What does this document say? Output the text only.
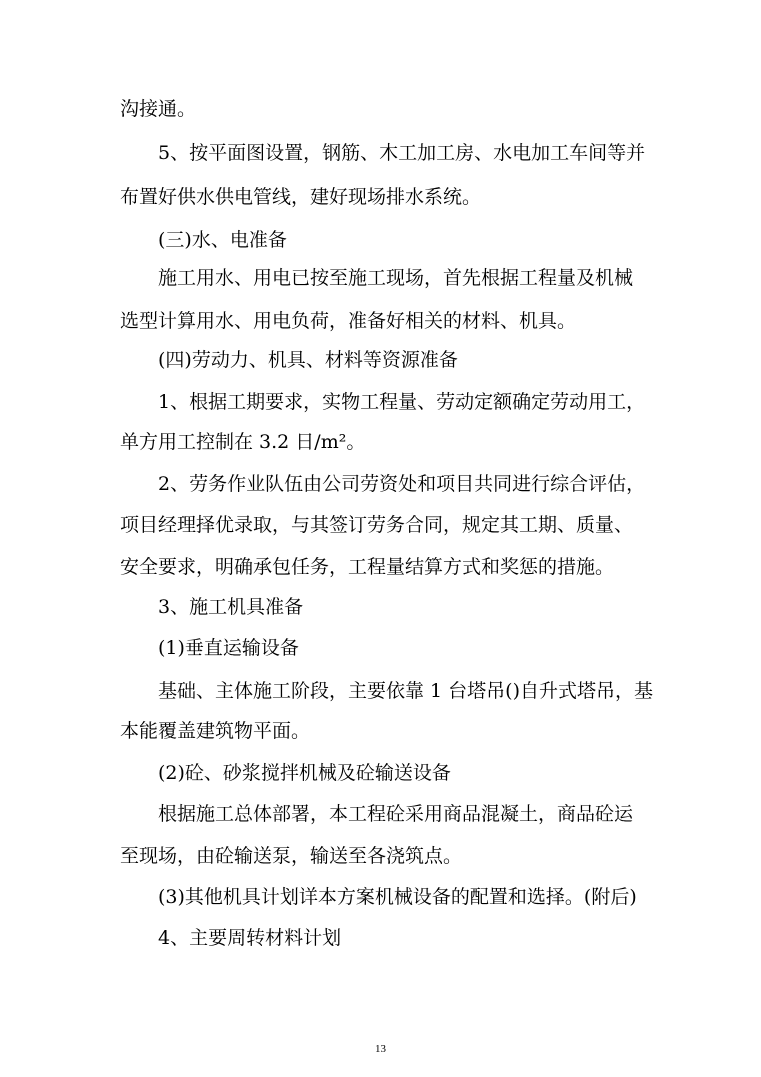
沟接通。
5、按平面图设置，钢筋、木工加工房、水电加工车间等并
布置好供水供电管线，建好现场排水系统。
(三)水、电准备
施工用水、用电已按至施工现场，首先根据工程量及机械
选型计算用水、用电负荷，准备好相关的材料、机具。
(四)劳动力、机具、材料等资源准备
1、根据工期要求，实物工程量、劳动定额确定劳动用工，
单方用工控制在 3.2 日/m²。
2、劳务作业队伍由公司劳资处和项目共同进行综合评估，
项目经理择优录取，与其签订劳务合同，规定其工期、质量、
安全要求，明确承包任务，工程量结算方式和奖惩的措施。
3、施工机具准备
(1)垂直运输设备
基础、主体施工阶段，主要依靠 1 台塔吊()自升式塔吊，基
本能覆盖建筑物平面。
(2)砼、砂浆搅拌机械及砼输送设备
根据施工总体部署，本工程砼采用商品混凝土，商品砼运
至现场，由砼输送泵，输送至各浇筑点。
(3)其他机具计划详本方案机械设备的配置和选择。(附后)
4、主要周转材料计划
13
